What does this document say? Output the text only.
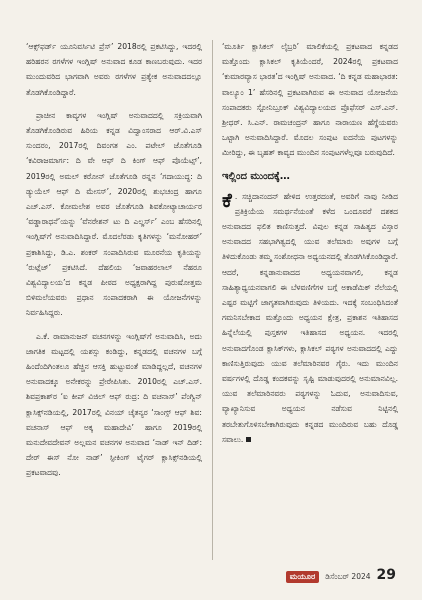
‘ಆಕ್ಸ್‌ಫರ್ಡ್ ಯೂನಿವರ್ಸಿಟಿ ಪ್ರೆಸ್’ 2018ರಲ್ಲಿ ಪ್ರಕಟಿಸಿದ್ದು, ಇದರಲ್ಲಿ ಹರಿಹರನ ರಗಳೆಗಳ ಇಂಗ್ಲಿಷ್ ಅನುವಾದ ಕೂಡ ಕಾಣಬರುವುದು. ಇದರ ಮುಂದುವರಿದ ಭಾಗವಾಗಿ ಅವರು ರಗಳೆಗಳ ಪ್ರತ್ಯೇಕ ಅನುವಾದದಲ್ಲೂ ತೊಡಗಿಕೊಂಡಿದ್ದಾರೆ.

ಪ್ರಾಚೀನ ಕಾವ್ಯಗಳ ಇಂಗ್ಲಿಷ್ ಅನುವಾದದಲ್ಲಿ ಸಕ್ರಿಯವಾಗಿ ತೊಡಗಿಕೊಂಡಿರುವ ಹಿರಿಯ ಕನ್ನಡ ವಿದ್ವಾಂಸರಾದ ಆರ್.ವಿ.ಎಸ್ ಸುಂದರಂ, 2017ರಲ್ಲಿ ದಿವಂಗತ ಎಂ. ಪಟೇಲ್ ಜೊತೆಗೂಡಿ ‘ಕವಿರಾಜಮಾರ್ಗ: ದಿ ವೇ ಆಫ್ ದಿ ಕಿಂಗ್ ಆಫ್ ಪೊಯೆಟ್ಸ್’, 2019ರಲ್ಲಿ ಅಮಲ್ ಕರೋನ್ ಜೊತೆಗೂಡಿ ರನ್ನನ ‘ಗದಾಯುದ್ಧ: ದಿ ಡ್ಯುಯೆಲ್ ಆಫ್ ದಿ ಮೇಸಸ್’, 2020ರಲ್ಲಿ ಶುಭಚಂದ್ರ ಹಾಗೂ ಎಚ್.ಎಸ್. ಕೋಮಲೇಶ ಅವರ ಜೊತೆಗೂಡಿ ಶಿವಕೋಟ್ಯಾಚಾರ್ಯರ ‘ವಡ್ಡಾರಾಧನೆ’ಯನ್ನು ‘ವೆನರೇಶನ್ ಟು ದಿ ಎಲ್ಡರ್ಸ್’ ಎಂಬ ಹೆಸರಿನಲ್ಲಿ ಇಂಗ್ಲಿಷ್‌ಗೆ ಅನುವಾದಿಸಿದ್ದಾರೆ. ಮೊದಲೆರಡು ಕೃತಿಗಳನ್ನು ‘ಮನೋಹರ್’ ಪ್ರಕಾಶಿಸಿದ್ದು, ಡಿ.ಎ. ಶಂಕರ್ ಸಂಪಾದಿಸಿರುವ ಮೂರನೆಯ ಕೃತಿಯನ್ನು ‘ರುಟ್ಲೆಜ್’ ಪ್ರಕಟಿಸಿದೆ. ದೆಹಲಿಯ ‘ಜವಾಹರಲಾಲ್ ನೆಹರೂ ವಿಶ್ವವಿದ್ಯಾಲಯ’ದ ಕನ್ನಡ ಪೀಠದ ಅಧ್ಯಕ್ಷರಾಗಿದ್ದ ಪುರುಷೋತ್ತಮ ಬಿಳಿಮಲೆಯವರು ಪ್ರಧಾನ ಸಂಪಾದಕರಾಗಿ ಈ ಯೋಜನೆಗಳನ್ನು ನಿರ್ವಹಿಸಿದ್ದರು.

ಎ.ಕೆ. ರಾಮಾನುಜನ್ ವಚನಗಳನ್ನು ಇಂಗ್ಲಿಷ್‌ಗೆ ಅನುವಾದಿಸಿ, ಅದು ಜಾಗತಿಕ ಮಟ್ಟದಲ್ಲಿ ಯಶಸ್ಸು ಕಂಡಿದ್ದು, ಕನ್ನಡದಲ್ಲಿ ವಚನಗಳ ಬಗ್ಗೆ ಹಿಂದೆಂದಿಗಿಂತಲೂ ಹೆಚ್ಚಿನ ಆಸಕ್ತಿ ಹುಟ್ಟುವಂತೆ ಮಾಡಿದ್ದಲ್ಲದೆ, ವಚನಗಳ ಅನುವಾದಕ್ಕೂ ಅನೇಕರನ್ನು ಪ್ರೇರೇಪಿಸಿತು. 2010ರಲ್ಲಿ ಎಚ್.ಎಸ್. ಶಿವಪ್ರಕಾಶ್‌ರ ‘ಐ ಕೀಪ್ ವಿಜಿಲ್ ಆಫ್ ರುದ್ರ: ದಿ ವಚನಾಸ್’ ಪೆಂಗ್ವಿನ್ ಕ್ಲಾಸಿಕ್ಸ್‌ನಡಿಯಲ್ಲಿ, 2017ರಲ್ಲಿ ವಿನಯ್ ಚೈತನ್ಯರ ‘ಸಾಂಗ್ಸ್ ಆಫ್ ಶಿವ: ವಚನಾಸ್ ಆಫ್ ಅಕ್ಕ ಮಹಾದೇವಿ’ ಹಾಗೂ 2019ರಲ್ಲಿ ಮನುದೇವದೇವನ್ ಅಲ್ಲಮನ ವಚನಗಳ ಅನುವಾದ ‘ನಾಡ್ ಇನ್ ದಿಡ್: ದೇರ್ ಈಸ್ ನೋ ನಾಡ್’ ಸ್ಪೀಕಿಂಗ್ ಟೈಗರ್ ಕ್ಲಾಸಿಕ್ಸ್‌ನಡಿಯಲ್ಲಿ ಪ್ರಕಟವಾದವು.

‘ಮೂರ್ತಿ ಕ್ಲಾಸಿಕಲ್ ಲೈಬ್ರರಿ’ ಮಾಲಿಕೆಯಲ್ಲಿ ಪ್ರಕಟವಾದ ಕನ್ನಡದ ಮತ್ತೊಂದು ಕ್ಲಾಸಿಕಲ್ ಕೃತಿಯೆಂದರೆ, 2024ರಲ್ಲಿ ಪ್ರಕಟವಾದ ‘ಕುಮಾರವ್ಯಾಸ ಭಾರತ’ದ ಇಂಗ್ಲಿಷ್ ಅನುವಾದ. ‘ದಿ ಕನ್ನಡ ಮಹಾಭಾರತ: ವಾಲ್ಯೂಂ 1’ ಹೆಸರಿನಲ್ಲಿ ಪ್ರಕಟವಾಗಿರುವ ಈ ಅನುವಾದ ಯೋಜನೆಯ ಸಂಪಾದಕರು ಸ್ಟೋನಿಬ್ರೂಕ್ ವಿಶ್ವವಿದ್ಯಾಲಯದ ಪ್ರೊಫೆಸರ್ ಎಸ್.ಎನ್. ಶ್ರೀಧರ್. ಸಿ.ಎನ್. ರಾಮಚಂದ್ರನ್ ಹಾಗೂ ನಾರಾಯಣ ಹೆಗ್ಡೆಯವರು ಒಟ್ಟಾಗಿ ಅನುವಾದಿಸಿದ್ದಾರೆ. ಮೊದಲ ಸಂಪುಟ ಐದನೆಯ ಪುಟಗಳನ್ನು ಮೀರಿದ್ದು, ಈ ಬೃಹತ್ ಕಾವ್ಯದ ಮುಂದಿನ ಸಂಪುಟಗಳೆಲ್ಲವೂ ಬರುವುದಿದೆ.

ಇಲ್ಲಿಂದ ಮುಂದಕ್ಕೆ…

ಕೆ . ಸಚ್ಚಿದಾನಂದನ್ ಹೇಳಿದ ಉತ್ತರದಂತೆ, ಅವರಿಗೆ ನಾವು ನೀಡಿದ ಪ್ರತಿಕ್ರಿಯೆಯ ಸಮರ್ಥನೆಯಂತೆ ಕಳೆದ ಒಂದೂವರೆ ದಶಕದ ಅನುವಾದದ ಫಲಿತ ಕಾಣಿಸುತ್ತದೆ. ವಿಪುಲ ಕನ್ನಡ ಸಾಹಿತ್ಯದ ವಿಸ್ತಾರ ಅನುವಾದದ ಸಹಭಾಗಿತ್ವದಲ್ಲಿ ಯುವ ತಲೆಮಾರು ಅವುಗಳ ಬಗ್ಗೆ ತಿಳಿದುಕೊಂಡು ತಮ್ಮ ಸಂಶೋಧನಾ ಅಧ್ಯಯನದಲ್ಲಿ ತೊಡಗಿಸಿಕೊಂಡಿದ್ದಾರೆ. ಆದರೆ, ಕನ್ನಡಾನುವಾದದ ಅಧ್ಯಯನವಾಗಲಿ, ಕನ್ನಡ ಸಾಹಿತ್ಯಾಧ್ಯಯನವಾಗಲಿ ಈ ಬೆಳವಣಿಗೆಗಳ ಬಗ್ಗೆ ಅಕಾಡೆಮಿಕ್ ನೆಲೆಯಲ್ಲಿ ಎಷ್ಟರ ಮಟ್ಟಿಗೆ ಜಾಗೃತವಾಗಿರುವುದು ತಿಳಿಯದು. ಇದಕ್ಕೆ ಸಂಬಂಧಿಸಿದಂತೆ ಗಮನಿಸಬೇಕಾದ ಮತ್ತೊಂದು ಅಧ್ಯಯನ ಕ್ಷೇತ್ರ, ಪ್ರಕಾಶನ ಇತಿಹಾಸದ ಹಿನ್ನೆಲೆಯಲ್ಲಿ ಪುಸ್ತಕಗಳ ಇತಿಹಾಸದ ಅಧ್ಯಯನ. ಇದರಲ್ಲಿ ಅನುವಾದಗೊಂಡ ಕ್ಲಾಸಿಕ್‌ಗಳು, ಕ್ಲಾಸಿಕಲ್ ಪಠ್ಯಗಳ ಅನುವಾದದಲ್ಲಿ ಎದ್ದು ಕಾಣಿಸುತ್ತಿರುವುದು ಯುವ ತಲೆಮಾರಿನವರ ಗೈರು. ಇದು ಮುಂದಿನ ವರ್ಷಗಳಲ್ಲಿ ದೊಡ್ಡ ಕಂದಕವನ್ನು ಸೃಷ್ಟಿ ಮಾಡುವುದರಲ್ಲಿ ಅನುಮಾನವಿಲ್ಲ. ಯುವ ತಲೆಮಾರಿನವರು ಪಠ್ಯಗಳನ್ನು ಓದುವ, ಅನುವಾದಿಸುವ, ವ್ಯಾಖ್ಯಾನಿಸುವ ಅಧ್ಯಯನ ನಡೆಸುವ ನಿಟ್ಟಿನಲ್ಲಿ ತರಬೇತುಗೊಳಿಸಬೇಕಾಗಿರುವುದು ಕನ್ನಡದ ಮುಂದಿರುವ ಬಹು ದೊಡ್ಡ ಸವಾಲು.

ಮಯೂರ	ಡಿಸೆಂಬರ್ 2024 29
